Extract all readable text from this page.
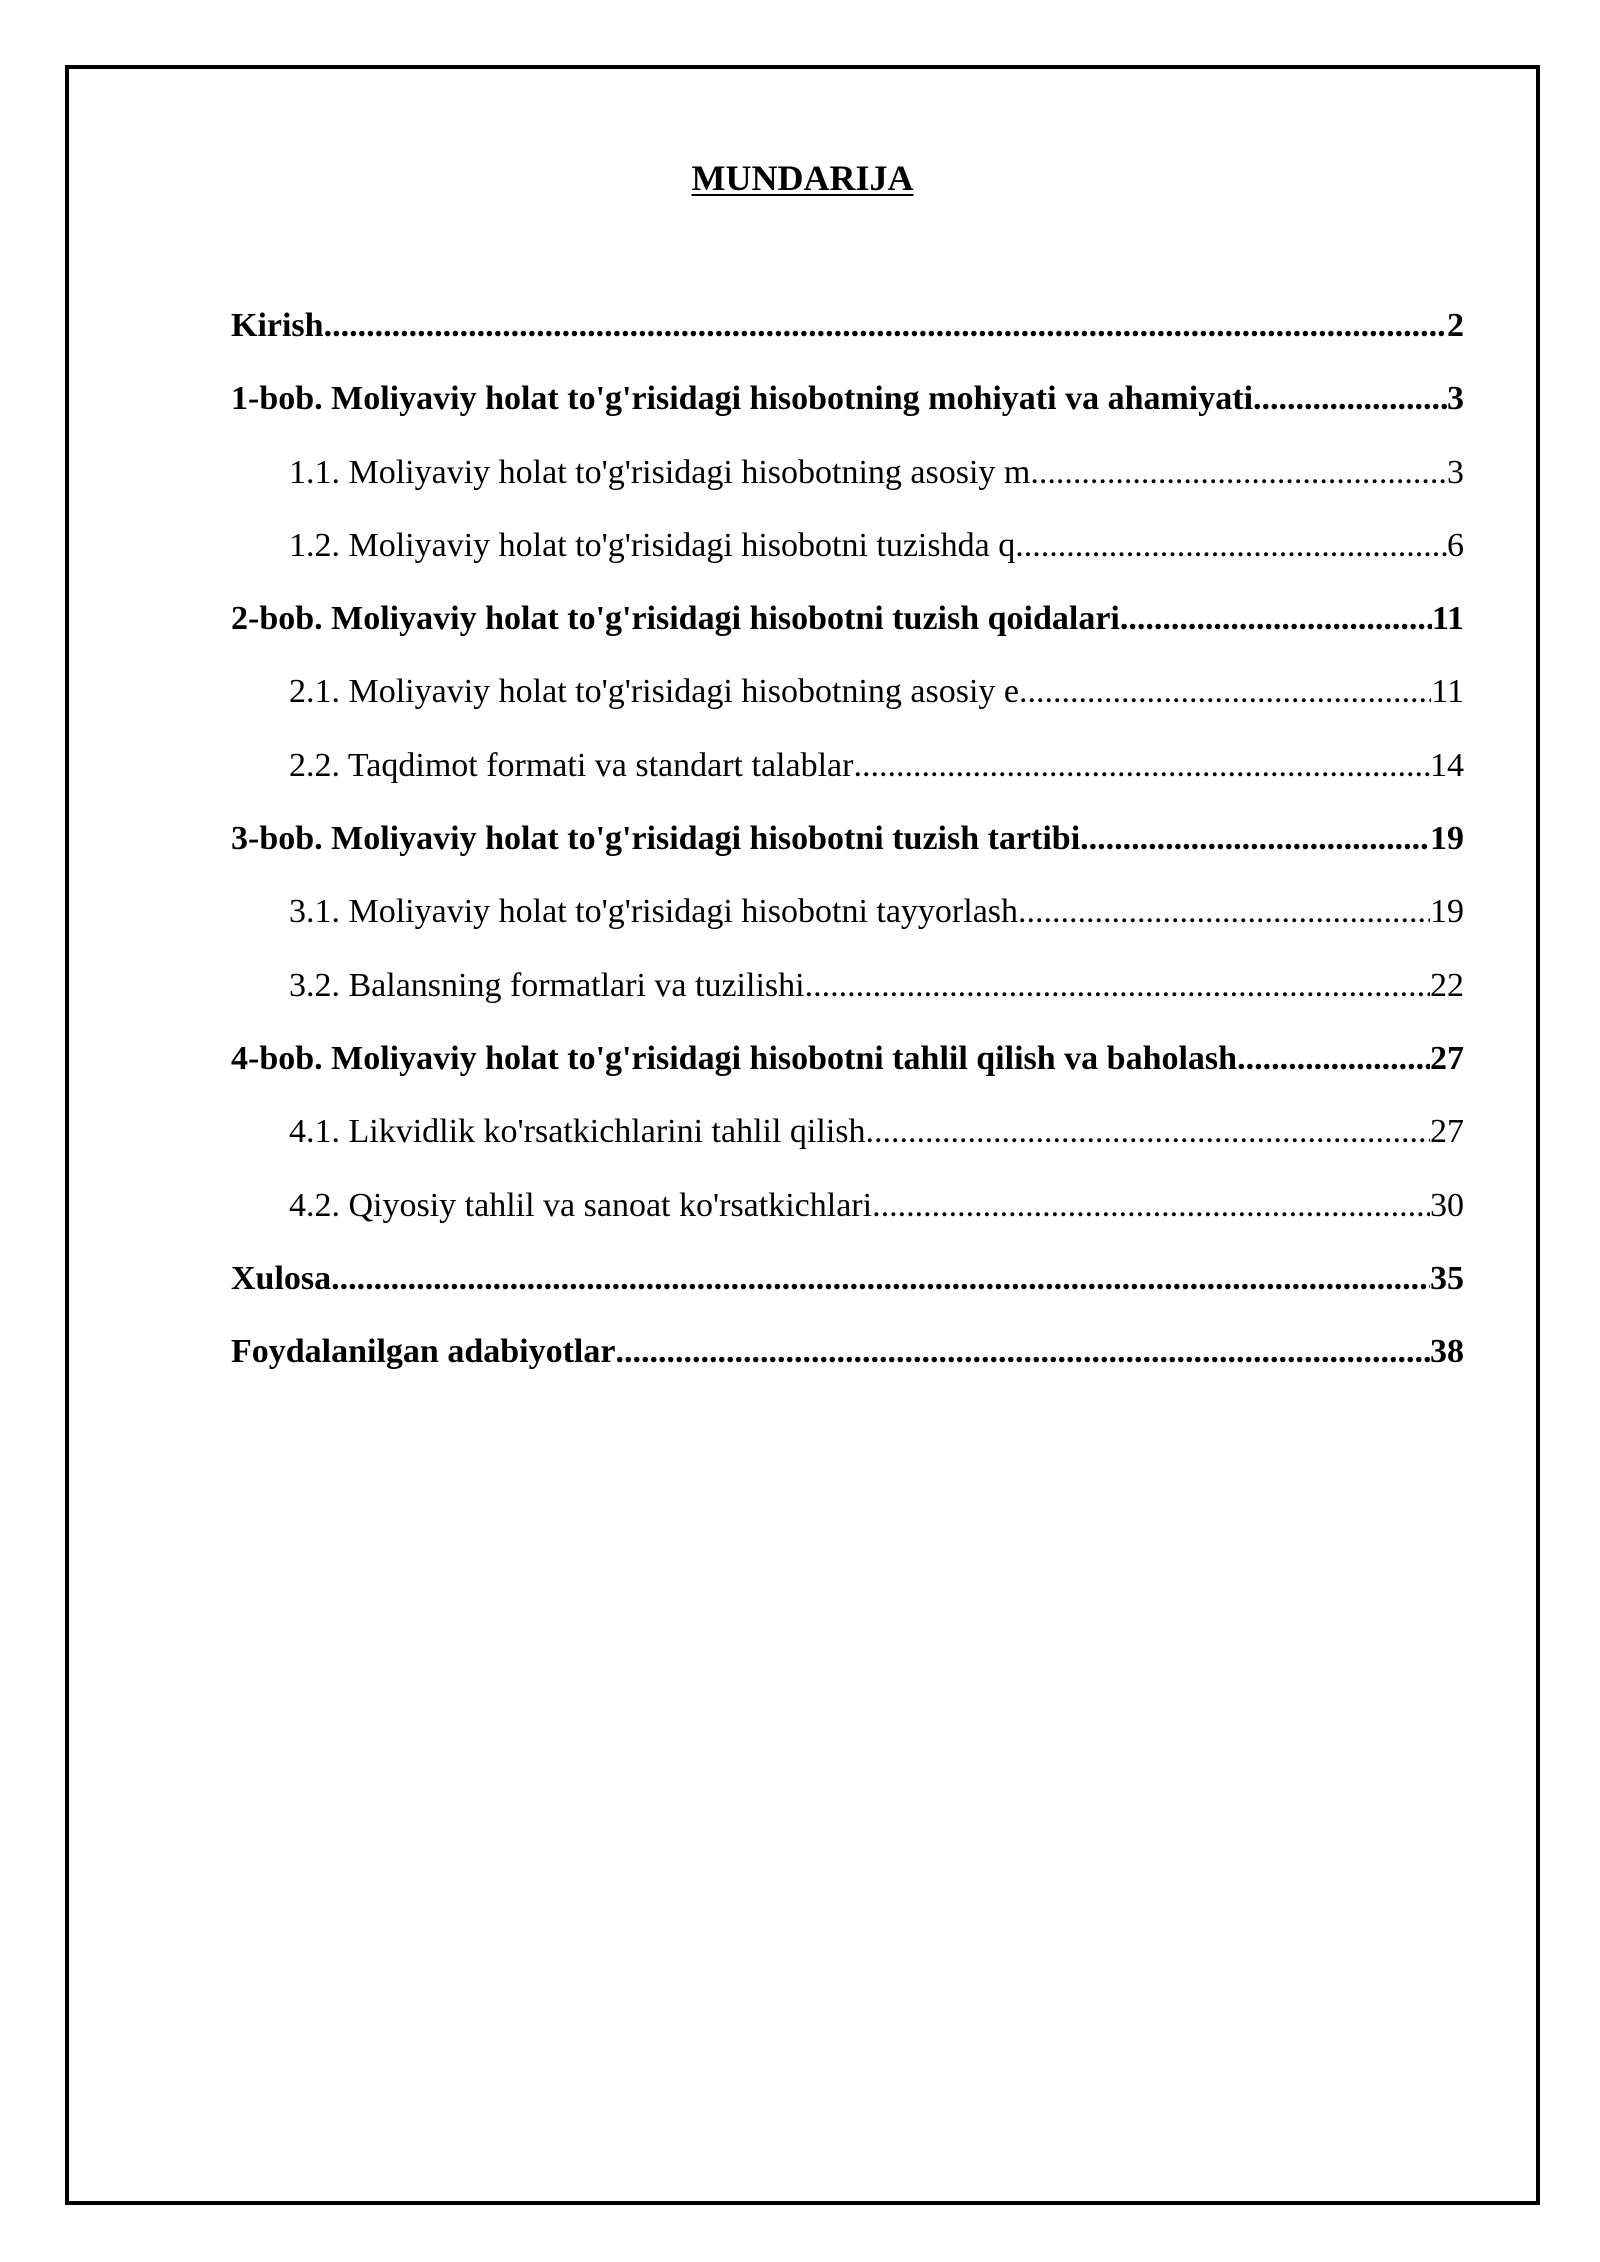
MUNDARIJA
Kirish .....	2
1-bob. Moliyaviy holat to'g'risidagi hisobotning mohiyati va ahamiyati .....	3
1.1. Moliyaviy holat to'g'risidagi hisobotning asosiy m .....	3
1.2. Moliyaviy holat to'g'risidagi hisobotni tuzishda q .....	6
2-bob. Moliyaviy holat to'g'risidagi hisobotni tuzish qoidalari .....	11
2.1. Moliyaviy holat to'g'risidagi hisobotning asosiy e .....	11
2.2. Taqdimot formati va standart talablar .....	14
3-bob. Moliyaviy holat to'g'risidagi hisobotni tuzish tartibi .....	19
3.1. Moliyaviy holat to'g'risidagi hisobotni tayyorlash .....	19
3.2. Balansning formatlari va tuzilishi .....	22
4-bob. Moliyaviy holat to'g'risidagi hisobotni tahlil qilish va baholash .....	27
4.1. Likvidlik ko'rsatkichlarini tahlil qilish .....	27
4.2. Qiyosiy tahlil va sanoat ko'rsatkichlari .....	30
Xulosa .....	35
Foydalanilgan adabiyotlar .....	38
